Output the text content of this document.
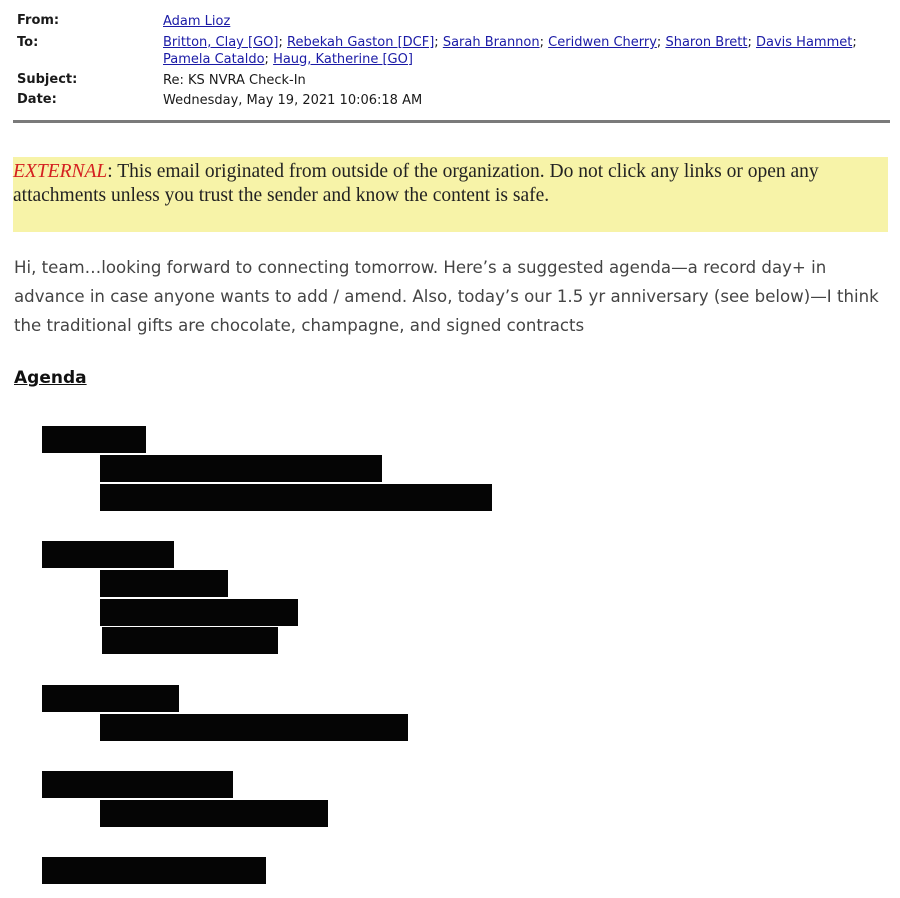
From:
To:
Subject:
Date:
Adam Lioz
Britton, Clay [GO]; Rebekah Gaston [DCF]; Sarah Brannon; Ceridwen Cherry; Sharon Brett; Davis Hammet;
Pamela Cataldo; Haug, Katherine [GO]
Re: KS NVRA Check-In
Wednesday, May 19, 2021 10:06:18 AM
EXTERNAL: This email originated from outside of the organization. Do not click any links or open any attachments unless you trust the sender and know the content is safe.

Hi, team…looking forward to connecting tomorrow. Here’s a suggested agenda—a record day+ in advance in case anyone wants to add / amend. Also, today’s our 1.5 yr anniversary (see below)—I think the traditional gifts are chocolate, champagne, and signed contracts

Agenda
